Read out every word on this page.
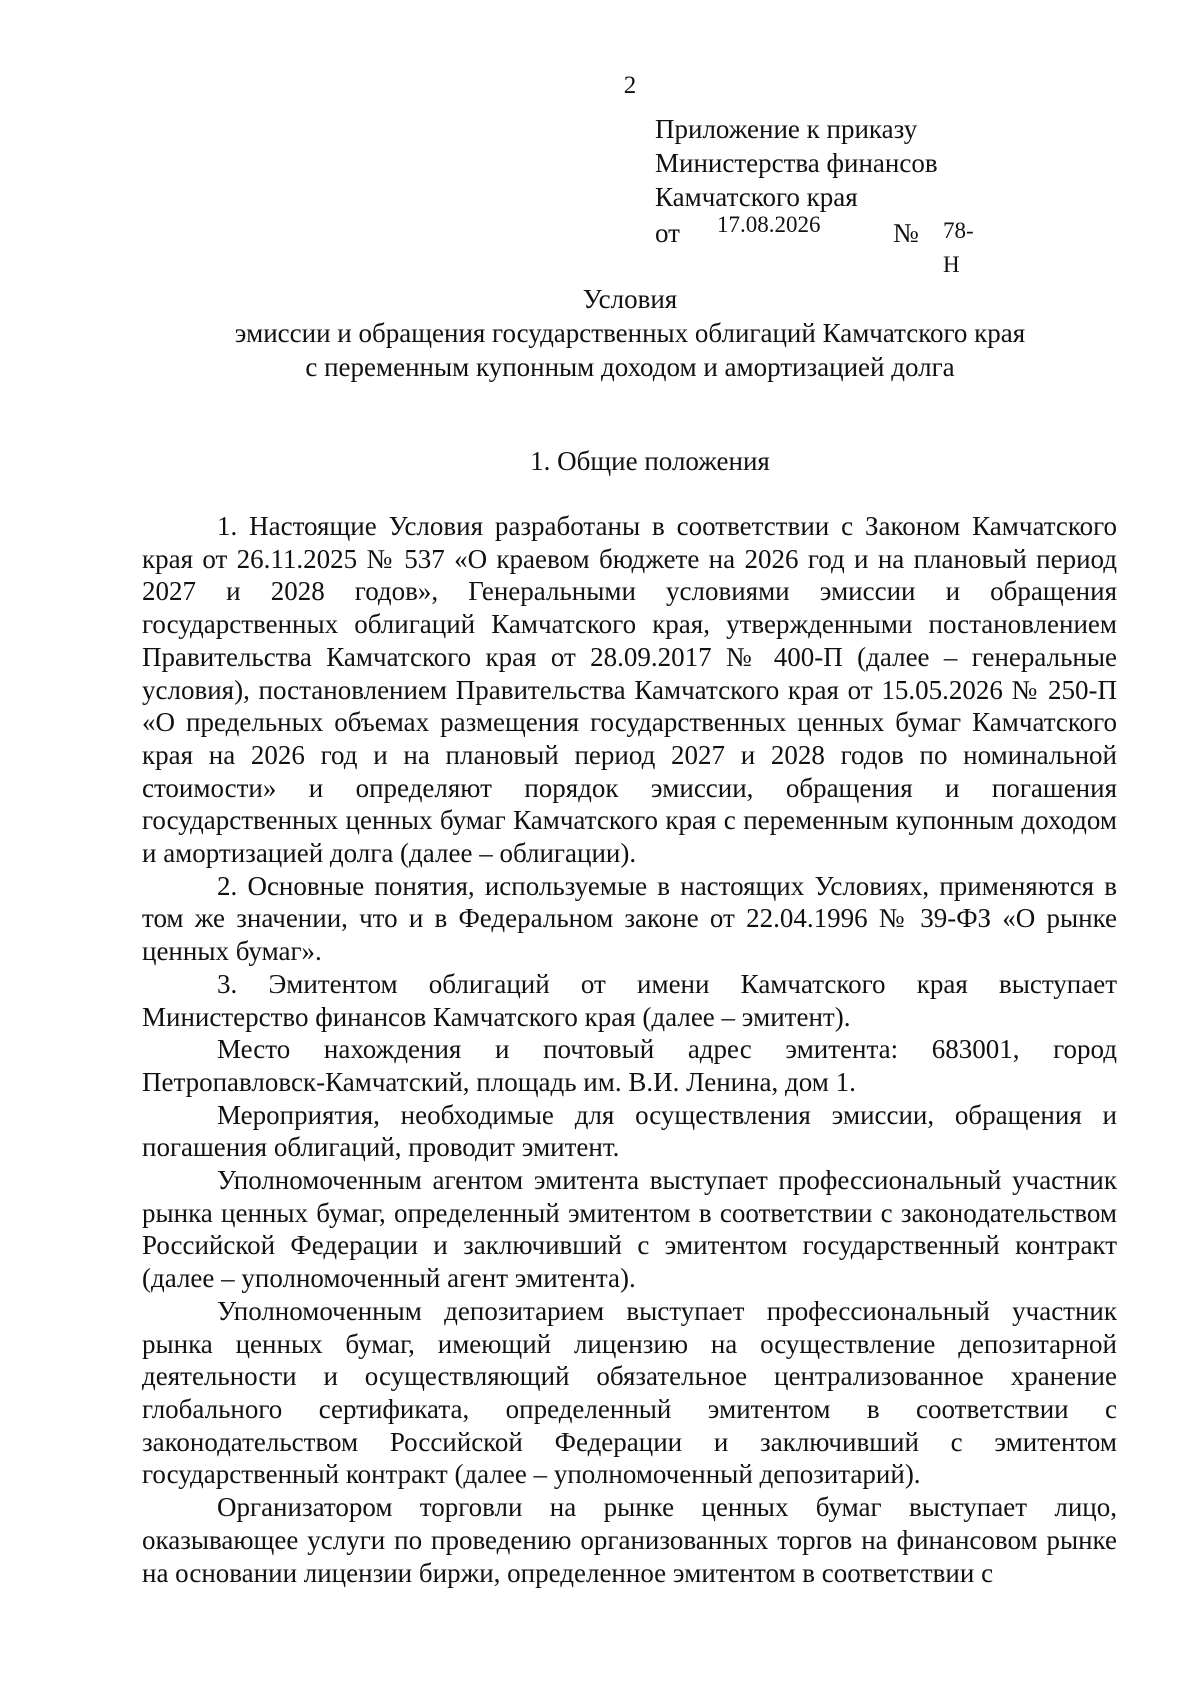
2
Приложение к приказу
Министерства финансов
Камчатского края
от 17.08.2026	№ 78-Н
Условия
эмиссии и обращения государственных облигаций Камчатского края
с переменным купонным доходом и амортизацией долга
1. Общие положения

1. Настоящие Условия разработаны в соответствии с Законом Камчатского края от 26.11.2025 № 537 «О краевом бюджете на 2026 год и на плановый период 2027 и 2028 годов», Генеральными условиями эмиссии и обращения государственных облигаций Камчатского края, утвержденными постановлением Правительства Камчатского края от 28.09.2017 № 400-П (далее – генеральные условия), постановлением Правительства Камчатского края от 15.05.2026 № 250-П «О предельных объемах размещения государственных ценных бумаг Камчатского края на 2026 год и на плановый период 2027 и 2028 годов по номинальной стоимости» и определяют порядок эмиссии, обращения и погашения государственных ценных бумаг Камчатского края с переменным купонным доходом и амортизацией долга (далее – облигации).

2. Основные понятия, используемые в настоящих Условиях, применяются в том же значении, что и в Федеральном законе от 22.04.1996 № 39-ФЗ «О рынке ценных бумаг».

3. Эмитентом облигаций от имени Камчатского края выступает Министерство финансов Камчатского края (далее – эмитент).

Место нахождения и почтовый адрес эмитента: 683001, город Петропавловск-Камчатский, площадь им. В.И. Ленина, дом 1.

Мероприятия, необходимые для осуществления эмиссии, обращения и погашения облигаций, проводит эмитент.

Уполномоченным агентом эмитента выступает профессиональный участник рынка ценных бумаг, определенный эмитентом в соответствии с законодательством Российской Федерации и заключивший с эмитентом государственный контракт (далее – уполномоченный агент эмитента).

Уполномоченным депозитарием выступает профессиональный участник рынка ценных бумаг, имеющий лицензию на осуществление депозитарной деятельности и осуществляющий обязательное централизованное хранение глобального сертификата, определенный эмитентом в соответствии с законодательством Российской Федерации и заключивший с эмитентом государственный контракт (далее – уполномоченный депозитарий).

Организатором торговли на рынке ценных бумаг выступает лицо, оказывающее услуги по проведению организованных торгов на финансовом рынке на основании лицензии биржи, определенное эмитентом в соответствии с
